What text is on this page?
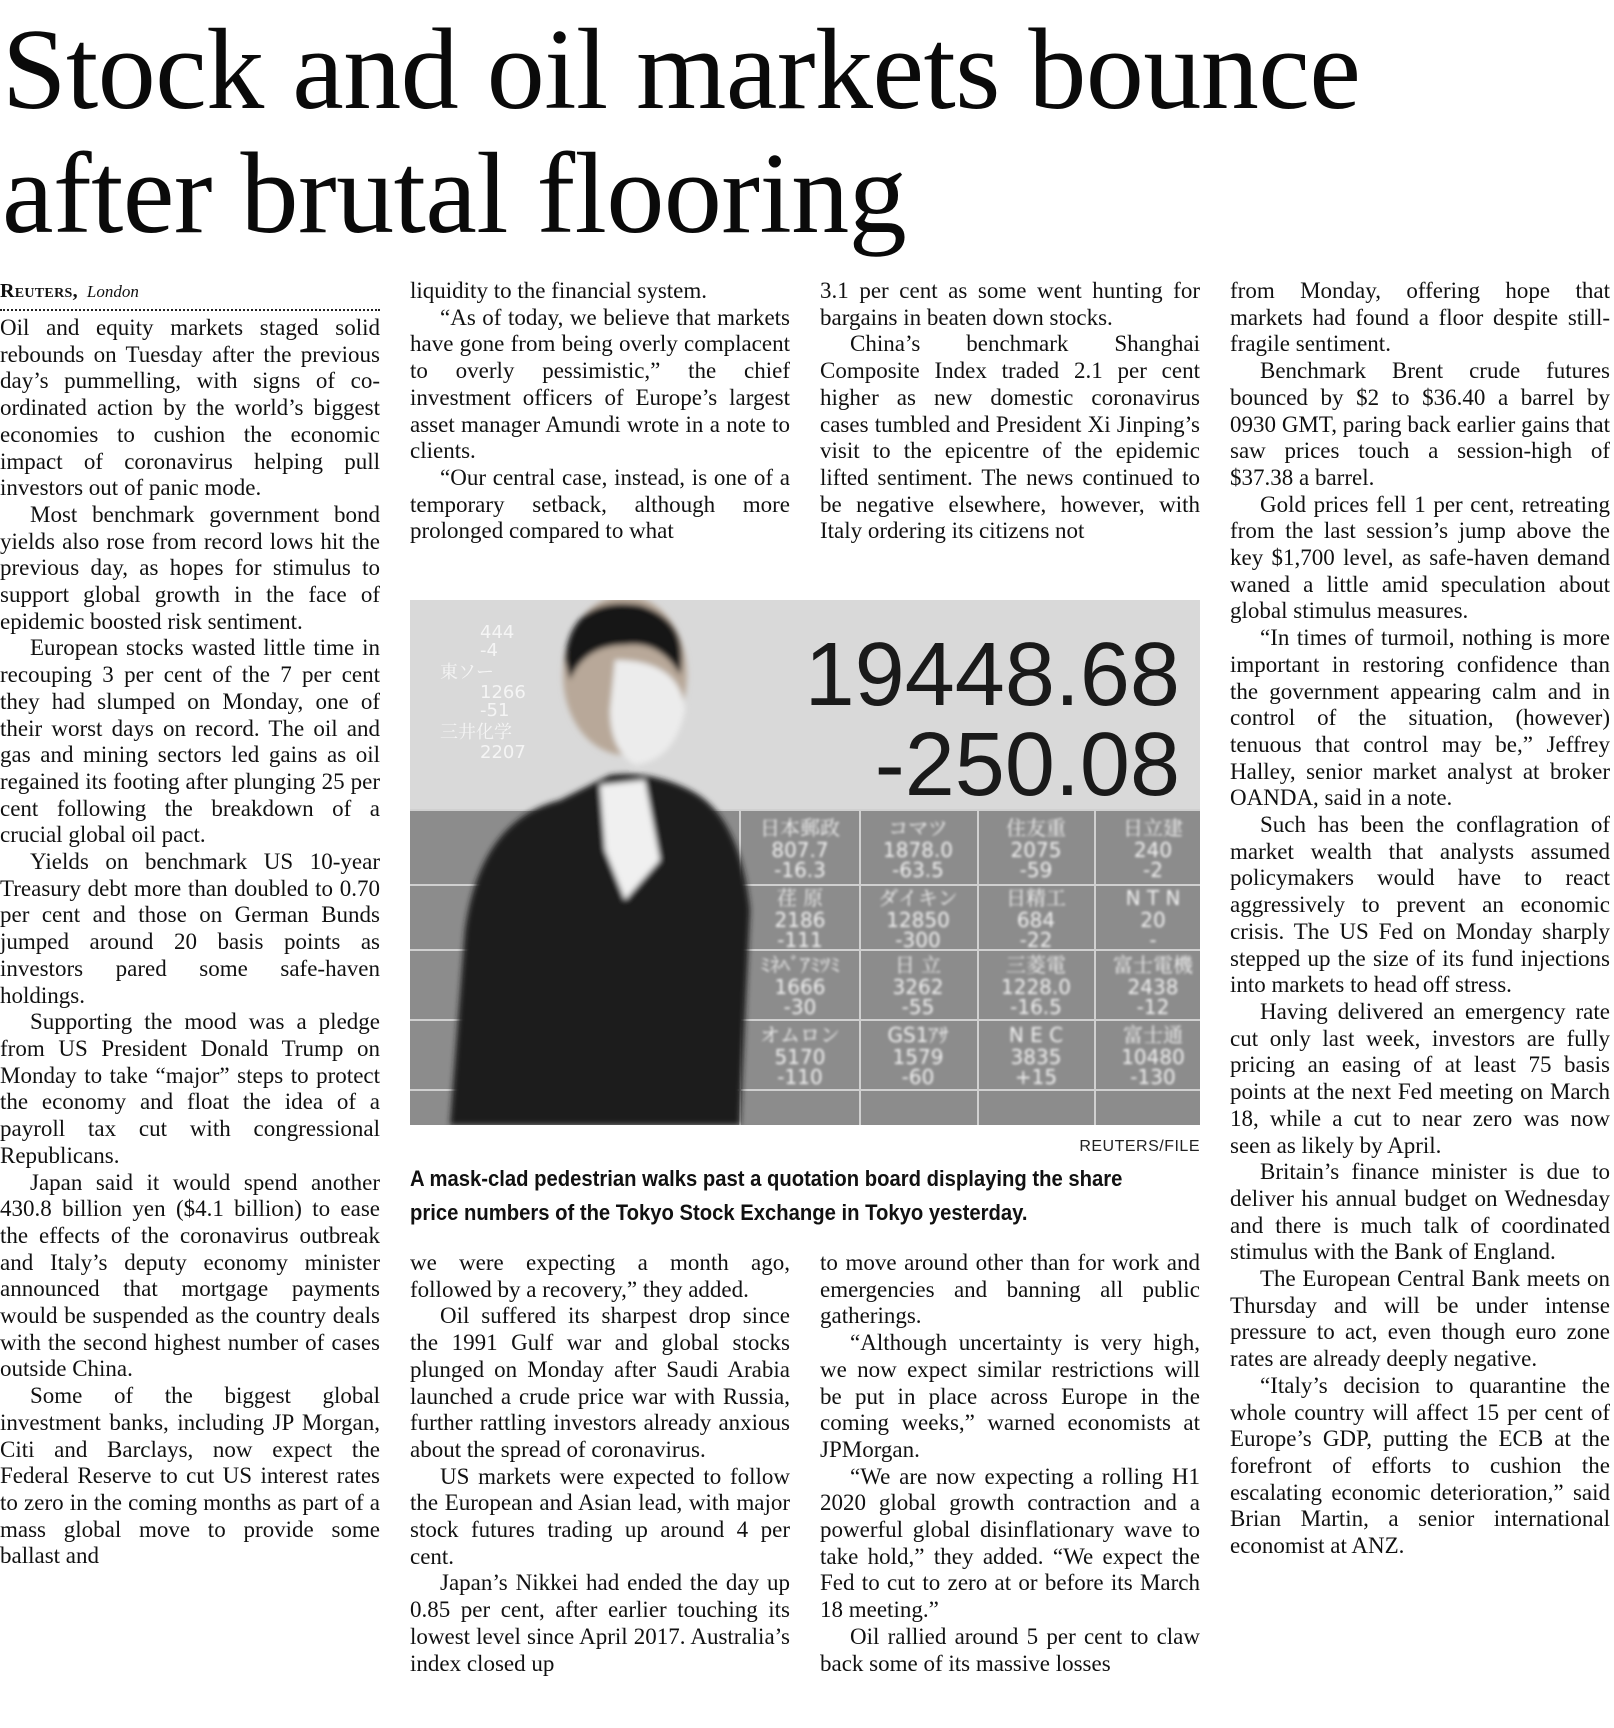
Stock and oil markets bounce
after brutal flooring
Reuters, London

Oil and equity markets staged solid rebounds on Tuesday after the previous day’s pummelling, with signs of co-ordinated action by the world’s biggest economies to cushion the economic impact of coronavirus helping pull investors out of panic mode.

Most benchmark government bond yields also rose from record lows hit the previous day, as hopes for stimulus to support global growth in the face of epidemic boosted risk sentiment.

European stocks wasted little time in recouping 3 per cent of the 7 per cent they had slumped on Monday, one of their worst days on record. The oil and gas and mining sectors led gains as oil regained its footing after plunging 25 per cent following the breakdown of a crucial global oil pact.

Yields on benchmark US 10-year Treasury debt more than doubled to 0.70 per cent and those on German Bunds jumped around 20 basis points as investors pared some safe-haven holdings.

Supporting the mood was a pledge from US President Donald Trump on Monday to take “major” steps to protect the economy and float the idea of a payroll tax cut with congressional Republicans.

Japan said it would spend another 430.8 billion yen ($4.1 billion) to ease the effects of the coronavirus outbreak and Italy’s deputy economy minister announced that mortgage payments would be suspended as the country deals with the second highest number of cases outside China.

Some of the biggest global investment banks, including JP Morgan, Citi and Barclays, now expect the Federal Reserve to cut US interest rates to zero in the coming months as part of a mass global move to provide some ballast and

liquidity to the financial system.

“As of today, we believe that markets have gone from being overly complacent to overly pessimistic,” the chief investment officers of Europe’s largest asset manager Amundi wrote in a note to clients.

“Our central case, instead, is one of a temporary setback, although more prolonged compared to what

3.1 per cent as some went hunting for bargains in beaten down stocks.

China’s benchmark Shanghai Composite Index traded 2.1 per cent higher as new domestic coronavirus cases tumbled and President Xi Jinping’s visit to the epicentre of the epidemic lifted sentiment. The news continued to be negative elsewhere, however, with Italy ordering its citizens not

19448.68
-250.08
日本郵政
807.7
-16.3
コマツ
1878.0
-63.5
住友重
2075
-59
日立建
240
-2
荏 原
2186
-111
ダイキン
12850
-300
日精工
684
-22
N T N
20
-
ﾐﾈﾍﾞｱﾐﾂﾐ
1666
-30
日 立
3262
-55
三菱電
1228.0
-16.5
富士電機
2438
-12
オムロン
5170
-110
GS1ｱｻ
1579
-60
N E C
3835
+15
富士通
10480
-130
444
-4
東ソー
1266
-51
三井化学
2207
REUTERS/FILE

A mask-clad pedestrian walks past a quotation board displaying the share price numbers of the Tokyo Stock Exchange in Tokyo yesterday.

we were expecting a month ago, followed by a recovery,” they added.

Oil suffered its sharpest drop since the 1991 Gulf war and global stocks plunged on Monday after Saudi Arabia launched a crude price war with Russia, further rattling investors already anxious about the spread of coronavirus.

US markets were expected to follow the European and Asian lead, with major stock futures trading up around 4 per cent.

Japan’s Nikkei had ended the day up 0.85 per cent, after earlier touching its lowest level since April 2017. Australia’s index closed up

to move around other than for work and emergencies and banning all public gatherings.

“Although uncertainty is very high, we now expect similar restrictions will be put in place across Europe in the coming weeks,” warned economists at JPMorgan.

“We are now expecting a rolling H1 2020 global growth contraction and a powerful global disinflationary wave to take hold,” they added. “We expect the Fed to cut to zero at or before its March 18 meeting.”

Oil rallied around 5 per cent to claw back some of its massive losses

from Monday, offering hope that markets had found a floor despite still-fragile sentiment.

Benchmark Brent crude futures bounced by $2 to $36.40 a barrel by 0930 GMT, paring back earlier gains that saw prices touch a session-high of $37.38 a barrel.

Gold prices fell 1 per cent, retreating from the last session’s jump above the key $1,700 level, as safe-haven demand waned a little amid speculation about global stimulus measures.

“In times of turmoil, nothing is more important in restoring confidence than the government appearing calm and in control of the situation, (however) tenuous that control may be,” Jeffrey Halley, senior market analyst at broker OANDA, said in a note.

Such has been the conflagration of market wealth that analysts assumed policymakers would have to react aggressively to prevent an economic crisis. The US Fed on Monday sharply stepped up the size of its fund injections into markets to head off stress.

Having delivered an emergency rate cut only last week, investors are fully pricing an easing of at least 75 basis points at the next Fed meeting on March 18, while a cut to near zero was now seen as likely by April.

Britain’s finance minister is due to deliver his annual budget on Wednesday and there is much talk of coordinated stimulus with the Bank of England.

The European Central Bank meets on Thursday and will be under intense pressure to act, even though euro zone rates are already deeply negative.

“Italy’s decision to quarantine the whole country will affect 15 per cent of Europe’s GDP, putting the ECB at the forefront of efforts to cushion the escalating economic deterioration,” said Brian Martin, a senior international economist at ANZ.
